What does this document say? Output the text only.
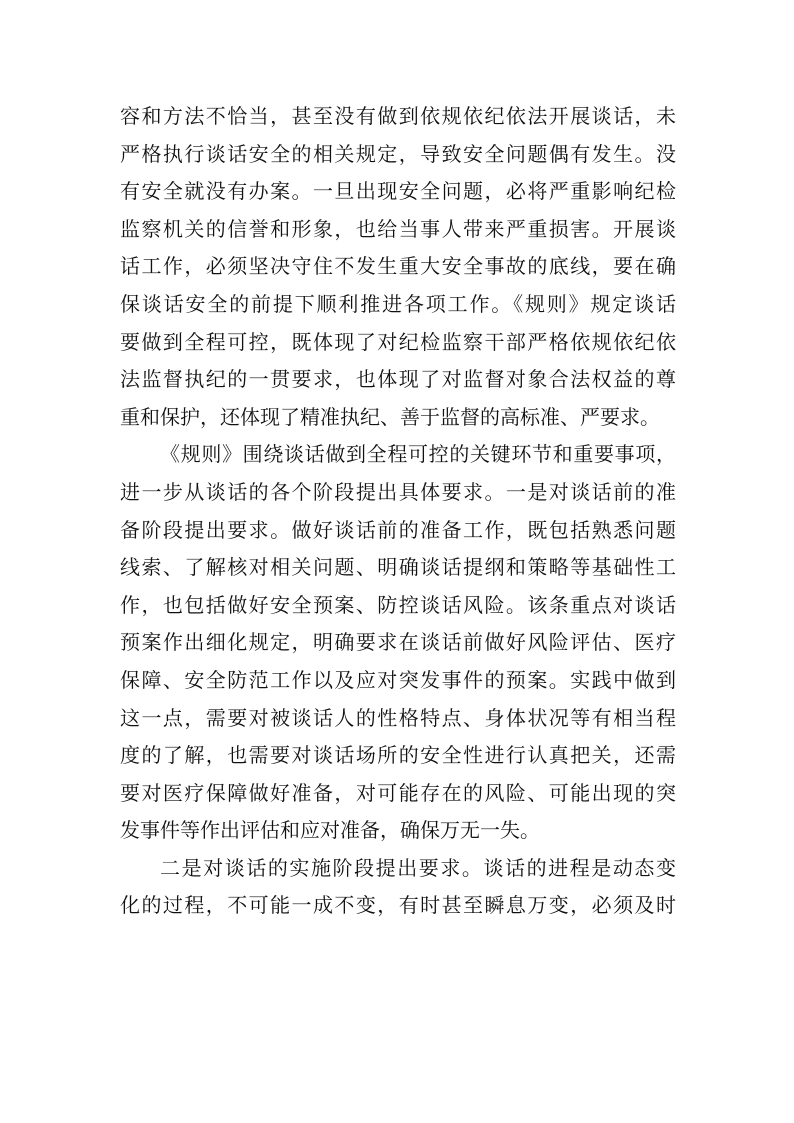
容和方法不恰当，甚至没有做到依规依纪依法开展谈话，未
严格执行谈话安全的相关规定，导致安全问题偶有发生。没
有安全就没有办案。一旦出现安全问题，必将严重影响纪检
监察机关的信誉和形象，也给当事人带来严重损害。开展谈
话工作，必须坚决守住不发生重大安全事故的底线，要在确
保谈话安全的前提下顺利推进各项工作。《规则》规定谈话
要做到全程可控，既体现了对纪检监察干部严格依规依纪依
法监督执纪的一贯要求，也体现了对监督对象合法权益的尊
重和保护，还体现了精准执纪、善于监督的高标准、严要求。
《规则》围绕谈话做到全程可控的关键环节和重要事项，
进一步从谈话的各个阶段提出具体要求。一是对谈话前的准
备阶段提出要求。做好谈话前的准备工作，既包括熟悉问题
线索、了解核对相关问题、明确谈话提纲和策略等基础性工
作，也包括做好安全预案、防控谈话风险。该条重点对谈话
预案作出细化规定，明确要求在谈话前做好风险评估、医疗
保障、安全防范工作以及应对突发事件的预案。实践中做到
这一点，需要对被谈话人的性格特点、身体状况等有相当程
度的了解，也需要对谈话场所的安全性进行认真把关，还需
要对医疗保障做好准备，对可能存在的风险、可能出现的突
发事件等作出评估和应对准备，确保万无一失。
二是对谈话的实施阶段提出要求。谈话的进程是动态变
化的过程，不可能一成不变，有时甚至瞬息万变，必须及时
